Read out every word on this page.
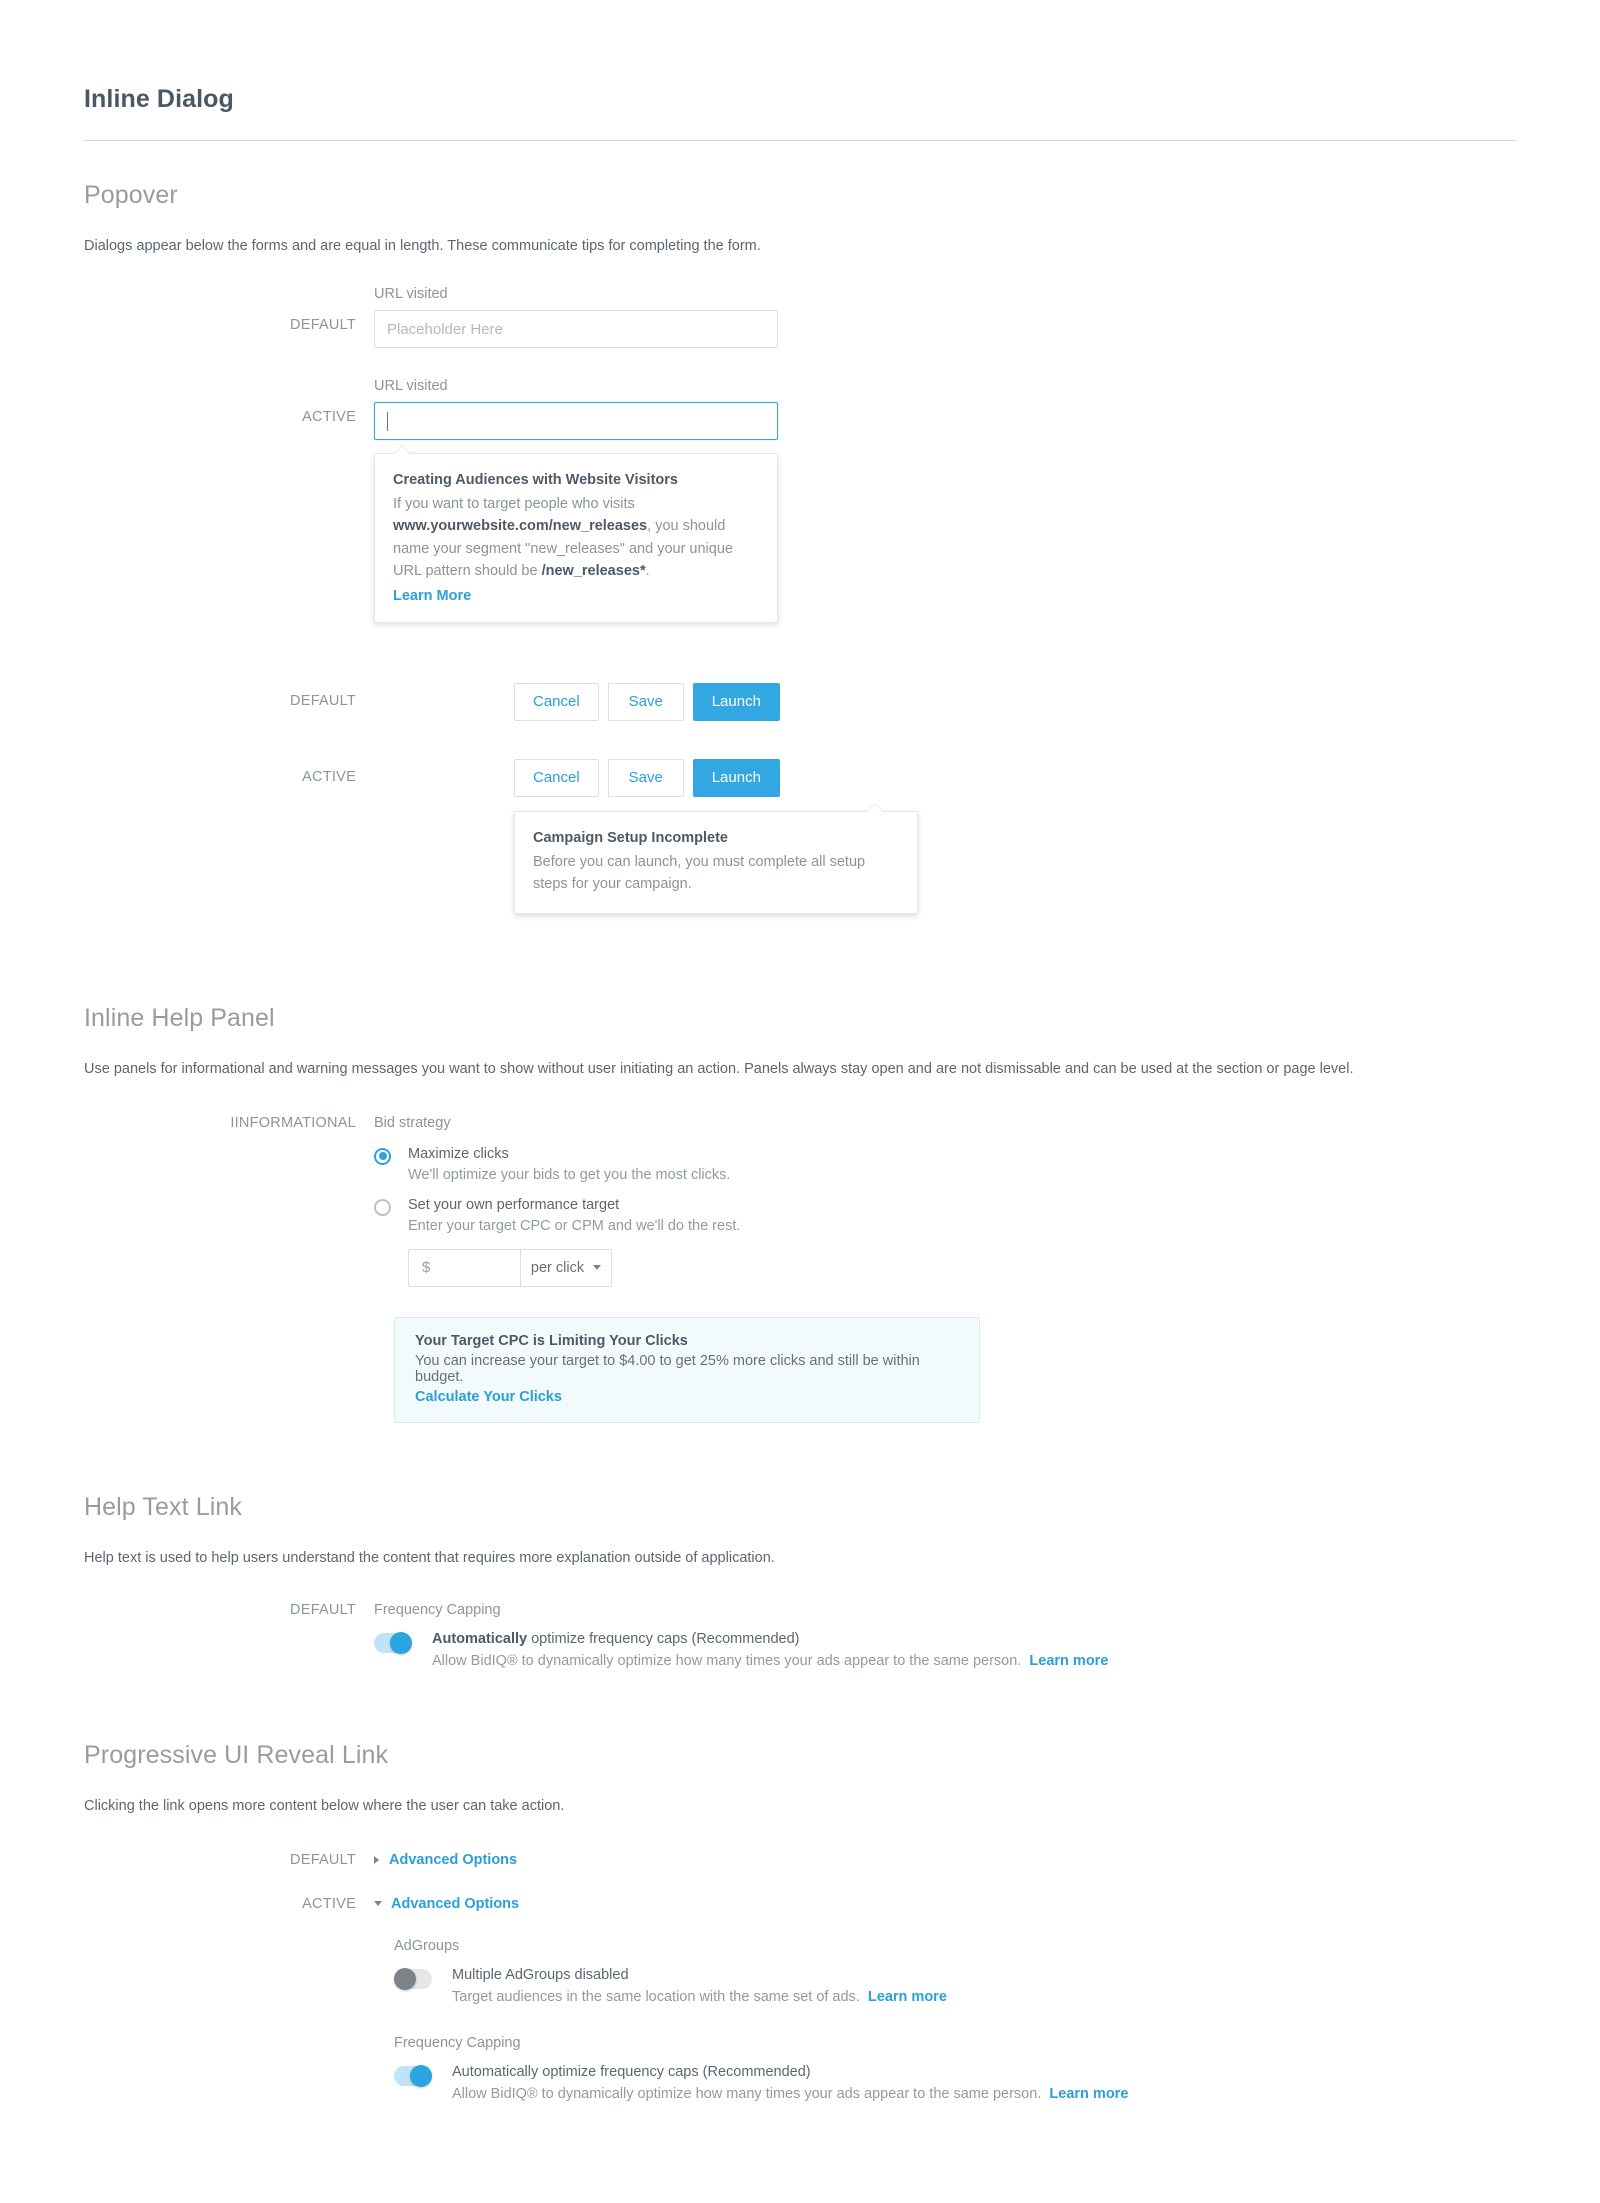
Inline Dialog
Popover
Dialogs appear below the forms and are equal in length. These communicate tips for completing the form.
DEFAULT
URL visited
Placeholder Here
ACTIVE
URL visited
Creating Audiences with Website Visitors
If you want to target people who visits www.yourwebsite.com/new_releases, you should name your segment "new_releases" and your unique URL pattern should be /new_releases*.
Learn More
DEFAULT	Cancel	Save	Launch
ACTIVE	Cancel	Save	Launch
Campaign Setup Incomplete
Before you can launch, you must complete all setup steps for your campaign.
Inline Help Panel
Use panels for informational and warning messages you want to show without user initiating an action. Panels always stay open and are not dismissable and can be used at the section or page level.
IINFORMATIONAL	Bid strategy
Maximize clicks
We'll optimize your bids to get you the most clicks.
Set your own performance target
Enter your target CPC or CPM and we'll do the rest.
$	per click
Your Target CPC is Limiting Your Clicks
You can increase your target to $4.00 to get 25% more clicks and still be within budget.
Calculate Your Clicks
Help Text Link
Help text is used to help users understand the content that requires more explanation outside of application.
DEFAULT	Frequency Capping
Automatically optimize frequency caps (Recommended)
Allow BidIQ® to dynamically optimize how many times your ads appear to the same person. Learn more
Progressive UI Reveal Link
Clicking the link opens more content below where the user can take action.
DEFAULT	Advanced Options
ACTIVE	Advanced Options
AdGroups
Multiple AdGroups disabled
Target audiences in the same location with the same set of ads. Learn more
Frequency Capping
Automatically optimize frequency caps (Recommended)
Allow BidIQ® to dynamically optimize how many times your ads appear to the same person. Learn more
